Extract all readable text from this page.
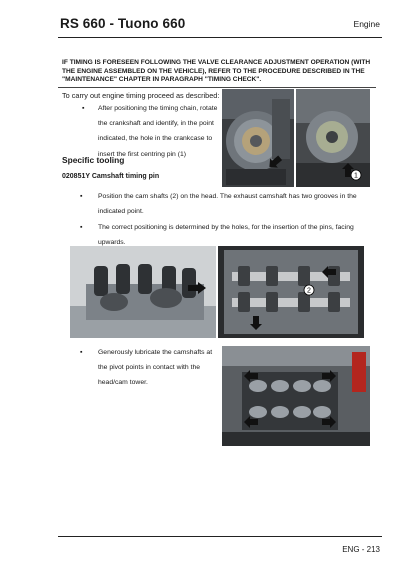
RS 660 - Tuono 660	Engine
IF TIMING IS FORESEEN FOLLOWING THE VALVE CLEARANCE ADJUSTMENT OPERATION (WITH THE ENGINE ASSEMBLED ON THE VEHICLE), REFER TO THE PROCEDURE DESCRIBED IN THE "MAINTENANCE" CHAPTER IN PARAGRAPH "TIMING CHECK".
To carry out engine timing proceed as described:
▪ After positioning the timing chain, rotate the crankshaft and identify, in the point indicated, the hole in the crankcase to insert the first centring pin (1)
1
Specific tooling
020851Y Camshaft timing pin
▪ Position the cam shafts (2) on the head. The exhaust camshaft has two grooves in the indicated point.
▪ The correct positioning is determined by the holes, for the insertion of the pins, facing upwards.
2
▪ Generously lubricate the camshafts at the pivot points in contact with the head/cam tower.
ENG - 213
